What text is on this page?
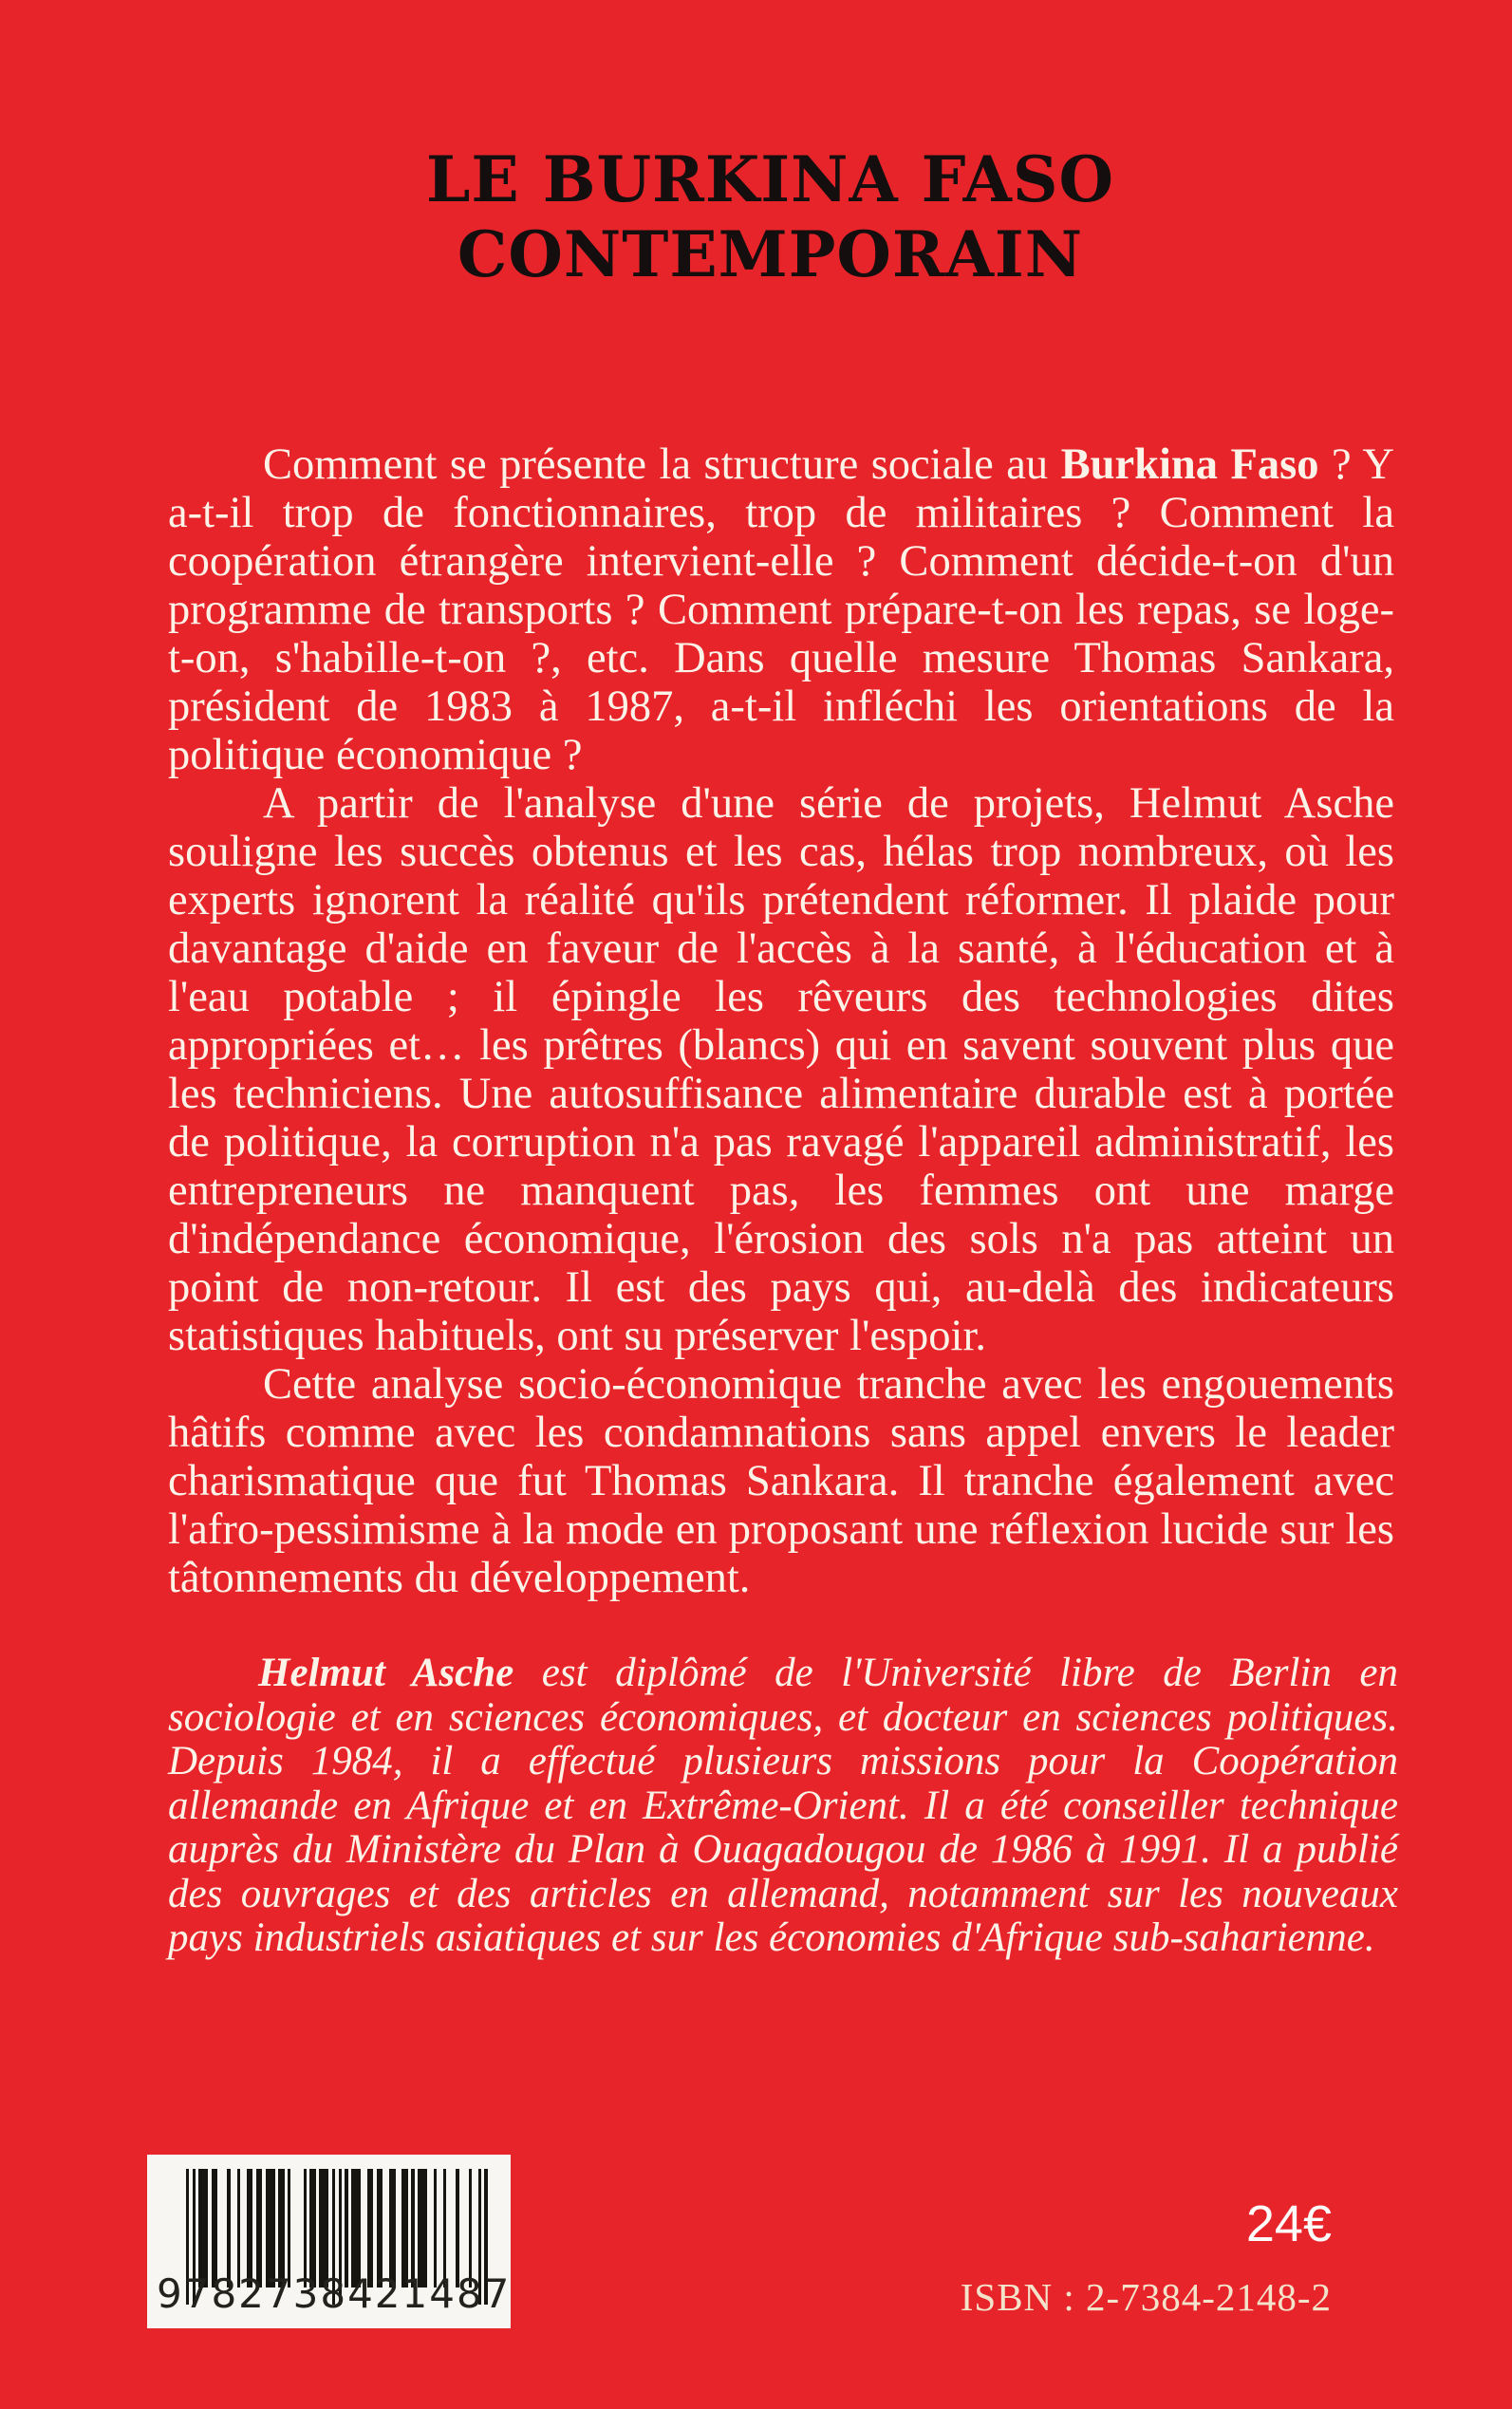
LE BURKINA FASO
CONTEMPORAIN

Comment se présente la structure sociale au Burkina Faso ? Y a-t-il trop de fonctionnaires, trop de militaires ? Comment la coopération étrangère intervient-elle ? Comment décide-t-on d'un programme de transports ? Comment prépare-t-on les repas, se loge-t-on, s'habille-t-on ?, etc. Dans quelle mesure Thomas Sankara, président de 1983 à 1987, a-t-il infléchi les orientations de la politique économique ?

A partir de l'analyse d'une série de projets, Helmut Asche souligne les succès obtenus et les cas, hélas trop nombreux, où les experts ignorent la réalité qu'ils prétendent réformer. Il plaide pour davantage d'aide en faveur de l'accès à la santé, à l'éducation et à l'eau potable ; il épingle les rêveurs des technologies dites appropriées et… les prêtres (blancs) qui en savent souvent plus que les techniciens. Une autosuffisance alimentaire durable est à portée de politique, la corruption n'a pas ravagé l'appareil administratif, les entrepreneurs ne manquent pas, les femmes ont une marge d'indépendance économique, l'érosion des sols n'a pas atteint un point de non-retour. Il est des pays qui, au-delà des indicateurs statistiques habituels, ont su préserver l'espoir.

Cette analyse socio-économique tranche avec les engouements hâtifs comme avec les condamnations sans appel envers le leader charismatique que fut Thomas Sankara. Il tranche également avec l'afro-pessimisme à la mode en proposant une réflexion lucide sur les tâtonnements du développement.

Helmut Asche est diplômé de l'Université libre de Berlin en sociologie et en sciences économiques, et docteur en sciences politiques. Depuis 1984, il a effectué plusieurs missions pour la Coopération allemande en Afrique et en Extrême-Orient. Il a été conseiller technique auprès du Ministère du Plan à Ouagadougou de 1986 à 1991. Il a publié des ouvrages et des articles en allemand, notamment sur les nouveaux pays industriels asiatiques et sur les économies d'Afrique sub-saharienne.
9 782738 421487
24€
ISBN : 2-7384-2148-2
